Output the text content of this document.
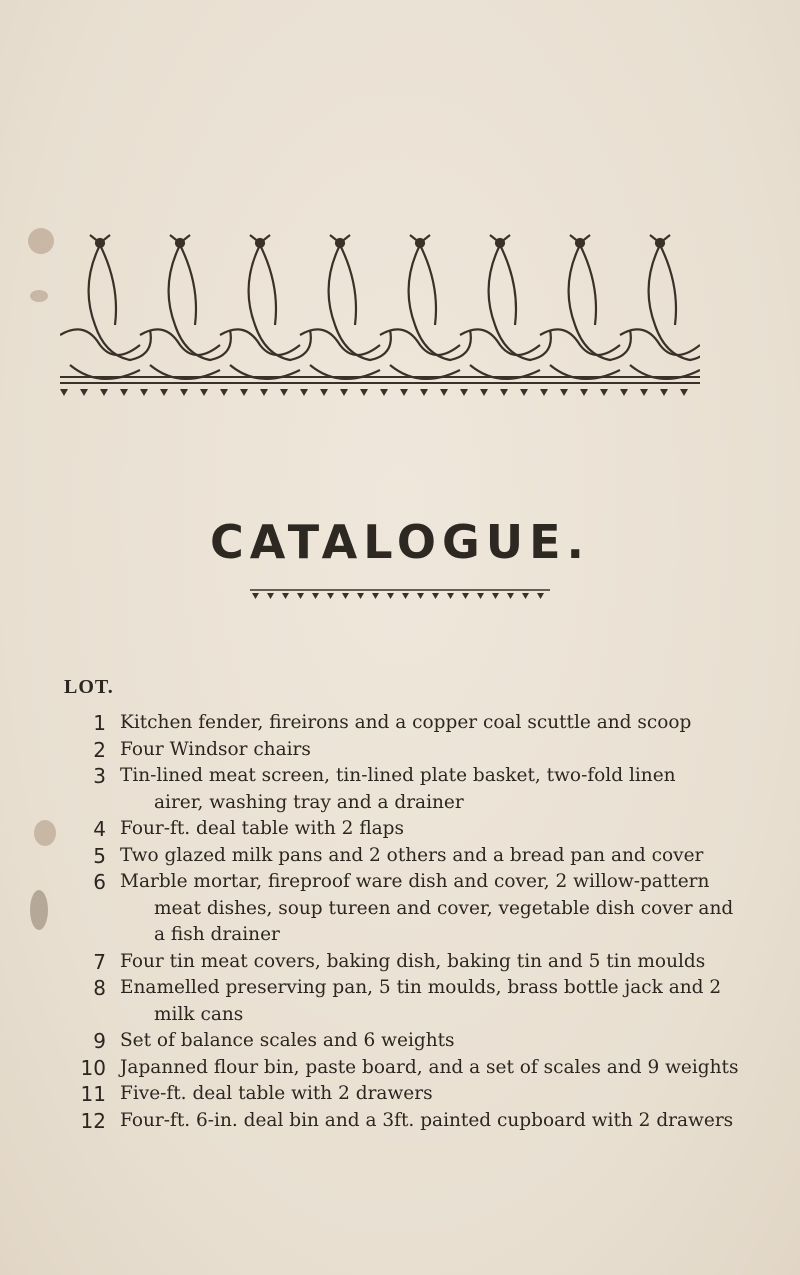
CATALOGUE.
LOT.
1 Kitchen fender, fireirons and a copper coal scuttle and scoop
2 Four Windsor chairs
3 Tin-lined meat screen, tin-lined plate basket, two-fold linen
airer, washing tray and a drainer
4 Four-ft. deal table with 2 flaps
5 Two glazed milk pans and 2 others and a bread pan and cover
6 Marble mortar, fireproof ware dish and cover, 2 willow-pattern
meat dishes, soup tureen and cover, vegetable dish cover and a fish drainer
7 Four tin meat covers, baking dish, baking tin and 5 tin moulds
8 Enamelled preserving pan, 5 tin moulds, brass bottle jack and 2
milk cans
9 Set of balance scales and 6 weights
10 Japanned flour bin, paste board, and a set of scales and 9 weights
11 Five-ft. deal table with 2 drawers
12 Four-ft. 6-in. deal bin and a 3ft. painted cupboard with 2 drawers
